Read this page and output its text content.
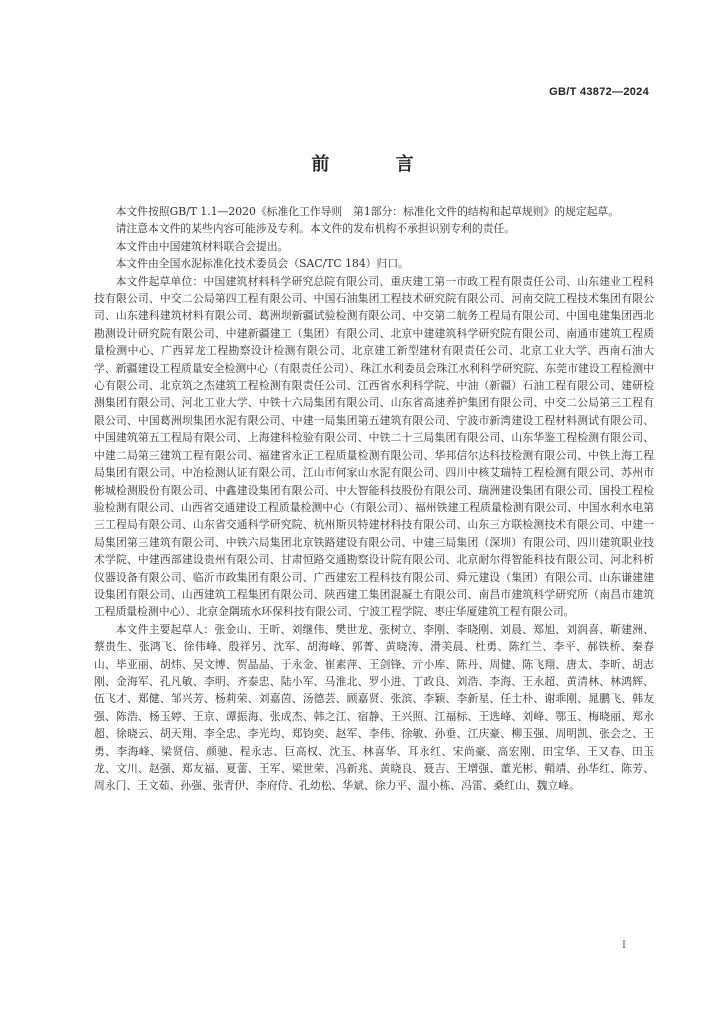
GB/T 43872—2024

前 言

本文件按照GB/T 1.1—2020《标准化工作导则　第1部分：标准化文件的结构和起草规则》的规定起草。

请注意本文件的某些内容可能涉及专利。本文件的发布机构不承担识别专利的责任。

本文件由中国建筑材料联合会提出。

本文件由全国水泥标准化技术委员会（SAC/TC 184）归口。

本文件起草单位：中国建筑材料科学研究总院有限公司、重庆建工第一市政工程有限责任公司、山东建业工程科技有限公司、中交二公局第四工程有限公司、中国石油集团工程技术研究院有限公司、河南交院工程技术集团有限公司、山东建科建筑材料有限公司、葛洲坝新疆试验检测有限公司、中交第二航务工程局有限公司、中国电建集团西北勘测设计研究院有限公司、中建新疆建工（集团）有限公司、北京中建建筑科学研究院有限公司、南通市建筑工程质量检测中心、广西昇龙工程勘察设计检测有限公司、北京建工新型建材有限责任公司、北京工业大学、西南石油大学、新疆建设工程质量安全检测中心（有限责任公司）、珠江水利委员会珠江水利科学研究院、东莞市建设工程检测中心有限公司、北京筑之杰建筑工程检测有限责任公司、江西省水利科学院、中油（新疆）石油工程有限公司、建研检测集团有限公司、河北工业大学、中铁十六局集团有限公司、山东省高速养护集团有限公司、中交二公局第三工程有限公司、中国葛洲坝集团水泥有限公司、中建一局集团第五建筑有限公司、宁波市新湾建设工程材料测试有限公司、中国建筑第五工程局有限公司、上海建科检验有限公司、中铁二十三局集团有限公司、山东华鉴工程检测有限公司、中建二局第三建筑工程有限公司、福建省永正工程质量检测有限公司、华邦信尔达科技检测有限公司、中铁上海工程局集团有限公司、中冶检测认证有限公司、江山市何家山水泥有限公司、四川中核艾瑞特工程检测有限公司、苏州市彬城检测股份有限公司、中鑫建设集团有限公司、中大智能科技股份有限公司、瑞洲建设集团有限公司、国投工程检验检测有限公司、山西省交通建设工程质量检测中心（有限公司）、福州铁建工程质量检测有限公司、中国水利水电第三工程局有限公司、山东省交通科学研究院、杭州斯贝特建材科技有限公司、山东三方联检测技术有限公司、中建一局集团第三建筑有限公司、中铁六局集团北京铁路建设有限公司、中建三局集团（深圳）有限公司、四川建筑职业技术学院、中建西部建设贵州有限公司、甘肃恒路交通勘察设计院有限公司、北京耐尔得智能科技有限公司、河北科析仪器设备有限公司、临沂市政集团有限公司、广西建宏工程科技有限公司、舜元建设（集团）有限公司、山东谦建建设集团有限公司、山西建筑工程集团有限公司、陕西建工集团混凝土有限公司、南昌市建筑科学研究所（南昌市建筑工程质量检测中心）、北京金隅琉水环保科技有限公司、宁波工程学院、枣庄华厦建筑工程有限公司。

本文件主要起草人：张金山、王昕、刘继伟、樊世龙、张树立、李刚、李晓刚、刘晨、郑旭、刘润喜、靳建洲、蔡贵生、张鸿飞、徐伟峰、殷祥另、沈军、胡海峰、郭菁、黄晓涛、滑美晨、杜勇、陈红兰、李平、郝铁桥、秦春山、毕亚丽、胡炜、吴文博、贺晶晶、于永金、崔素萍、王剑锋、亓小库、陈丹、周健、陈飞翔、唐太、李昕、胡志刚、金海军、孔凡敏、李明、齐泰忠、陆小军、马淮北、罗小进、丁政良、刘浩、李海、王永超、黄清林、林鸿辉、伍飞才、郑健、邹兴芳、杨莉荣、刘嘉茵、汤德芸、顾嘉贤、张滨、李颖、李新星、任士朴、谢乖刚、晁鹏飞、韩友强、陈浩、杨玉婷、王京、谭振海、张成杰、韩之江、宿静、王兴照、江福标、王选峰、刘峰、鄂玉、梅晓丽、郑永超、徐晓云、胡天翔、李全忠、李光均、郑钧奕、赵军、李伟、徐敏、孙垂、江庆豪、柳玉强、周明凯、张会之、王勇、李海峰、梁贤信、颜驰、程永志、巨高权、沈玉、林喜华、耳永红、宋尚豪、高宏刚、田宝华、王又春、田玉龙、文川、赵强、郑友福、夏蕾、王军、梁世荣、冯新兆、黄晓良、聂吉、王增强、董光彬、鞘靖、孙华红、陈芳、周永门、王文茹、孙强、张青伊、李府侍、孔幼松、华斌、徐力平、温小栋、冯雷、桑红山、魏立峰。

I
